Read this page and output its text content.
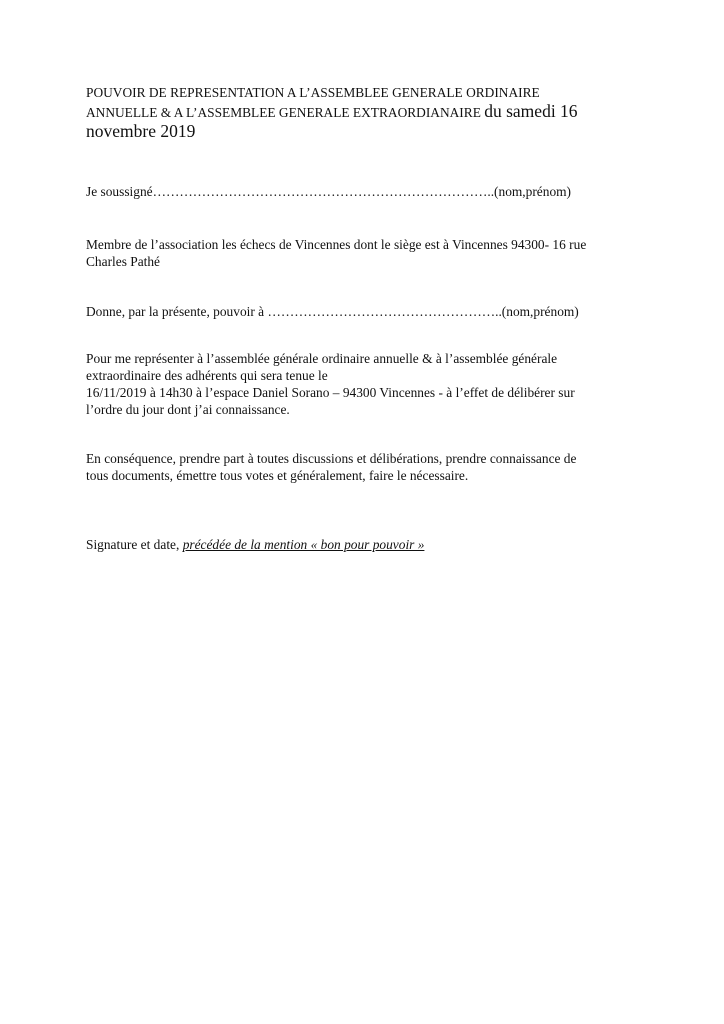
POUVOIR DE REPRESENTATION A L’ASSEMBLEE GENERALE ORDINAIRE
ANNUELLE & A L’ASSEMBLEE GENERALE EXTRAORDIANAIRE du samedi 16
novembre 2019
Je soussigné…………………………………………………………………..(nom,prénom)
Membre de l’association les échecs de Vincennes dont le siège est à Vincennes 94300- 16 rue
Charles Pathé
Donne, par la présente, pouvoir à ……………………………………………..(nom,prénom)
Pour me représenter à l’assemblée générale ordinaire annuelle & à l’assemblée générale
extraordinaire des adhérents qui sera tenue le
16/11/2019 à 14h30 à l’espace Daniel Sorano – 94300 Vincennes - à l’effet de délibérer sur
l’ordre du jour dont j’ai connaissance.
En conséquence, prendre part à toutes discussions et délibérations, prendre connaissance de
tous documents, émettre tous votes et généralement, faire le nécessaire.
Signature et date, précédée de la mention « bon pour pouvoir »
